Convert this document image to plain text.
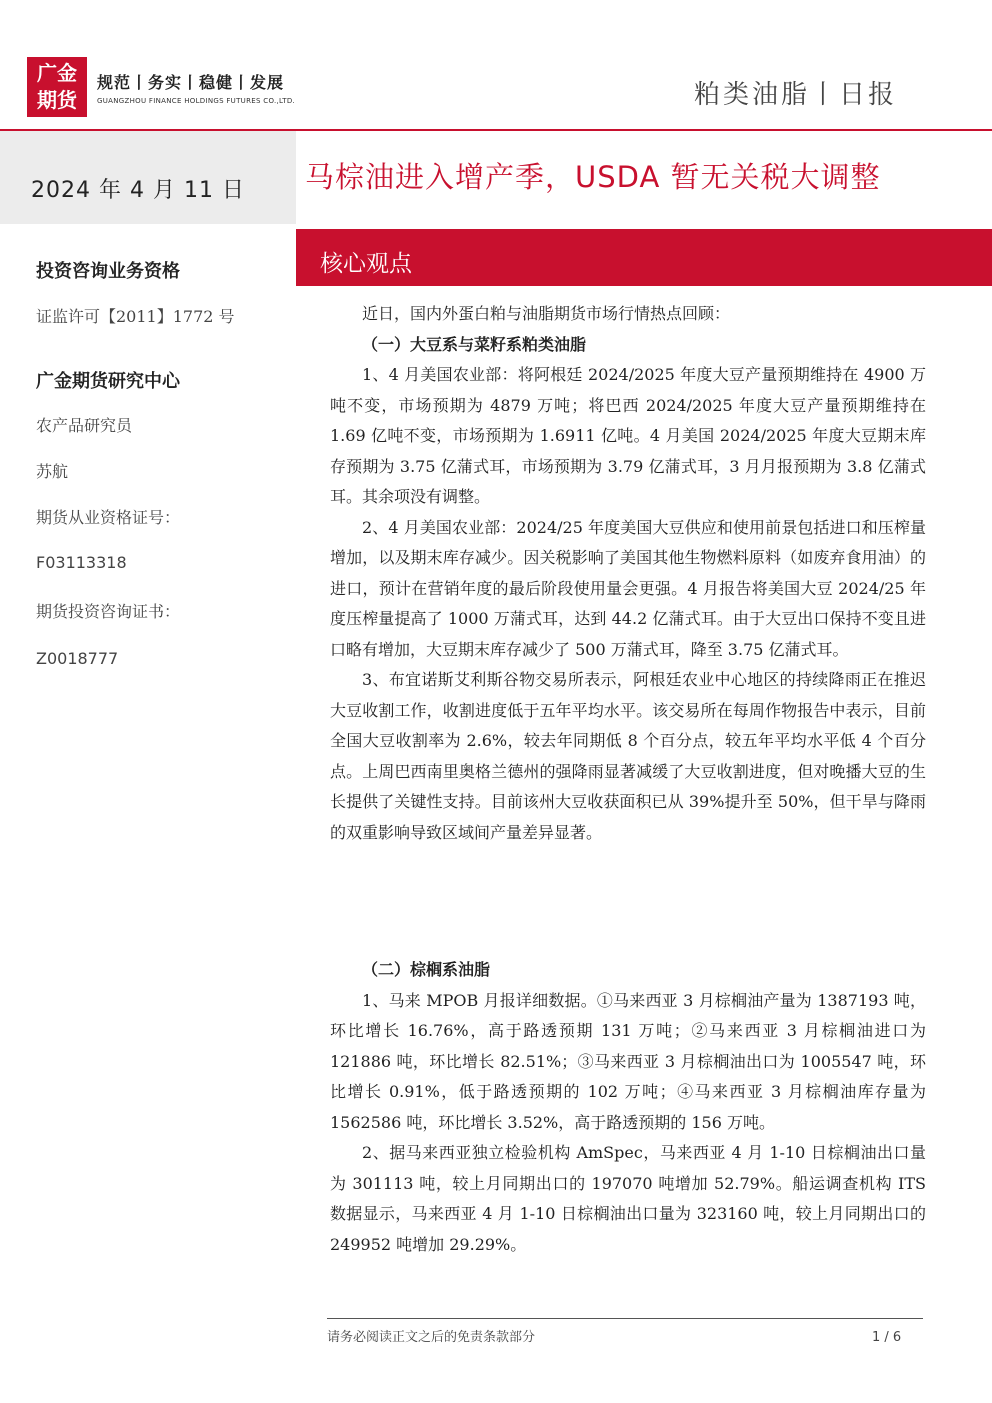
广金
期货
规范丨务实丨稳健丨发展
GUANGZHOU FINANCE HOLDINGS FUTURES CO.,LTD.	粕类油脂丨日报
2024 年 4 月 11 日
投资咨询业务资格
证监许可【2011】1772 号
广金期货研究中心
农产品研究员
苏航
期货从业资格证号：
F03113318
期货投资咨询证书：
Z0018777
马棕油进入增产季，USDA 暂无关税大调整
核心观点

近日，国内外蛋白粕与油脂期货市场行情热点回顾：

（一）大豆系与菜籽系粕类油脂

1、4 月美国农业部：将阿根廷 2024/2025 年度大豆产量预期维持在 4900 万吨不变，市场预期为 4879 万吨；将巴西 2024/2025 年度大豆产量预期维持在 1.69 亿吨不变，市场预期为 1.6911 亿吨。4 月美国 2024/2025 年度大豆期末库存预期为 3.75 亿蒲式耳，市场预期为 3.79 亿蒲式耳，3 月月报预期为 3.8 亿蒲式耳。其余项没有调整。

2、4 月美国农业部：2024/25 年度美国大豆供应和使用前景包括进口和压榨量增加，以及期末库存减少。因关税影响了美国其他生物燃料原料（如废弃食用油）的进口，预计在营销年度的最后阶段使用量会更强。4 月报告将美国大豆 2024/25 年度压榨量提高了 1000 万蒲式耳，达到 44.2 亿蒲式耳。由于大豆出口保持不变且进口略有增加，大豆期末库存减少了 500 万蒲式耳，降至 3.75 亿蒲式耳。

3、布宜诺斯艾利斯谷物交易所表示，阿根廷农业中心地区的持续降雨正在推迟大豆收割工作，收割进度低于五年平均水平。该交易所在每周作物报告中表示，目前全国大豆收割率为 2.6%，较去年同期低 8 个百分点，较五年平均水平低 4 个百分点。上周巴西南里奥格兰德州的强降雨显著减缓了大豆收割进度，但对晚播大豆的生长提供了关键性支持。目前该州大豆收获面积已从 39%提升至 50%，但干旱与降雨的双重影响导致区域间产量差异显著。

（二）棕榈系油脂

1、马来 MPOB 月报详细数据。①马来西亚 3 月棕榈油产量为 1387193 吨，环比增长 16.76%，高于路透预期 131 万吨；②马来西亚 3 月棕榈油进口为 121886 吨，环比增长 82.51%；③马来西亚 3 月棕榈油出口为 1005547 吨，环比增长 0.91%，低于路透预期的 102 万吨；④马来西亚 3 月棕榈油库存量为 1562586 吨，环比增长 3.52%，高于路透预期的 156 万吨。

2、据马来西亚独立检验机构 AmSpec，马来西亚 4 月 1-10 日棕榈油出口量为 301113 吨，较上月同期出口的 197070 吨增加 52.79%。船运调查机构 ITS 数据显示，马来西亚 4 月 1-10 日棕榈油出口量为 323160 吨，较上月同期出口的 249952 吨增加 29.29%。

请务必阅读正文之后的免责条款部分	1 / 6
